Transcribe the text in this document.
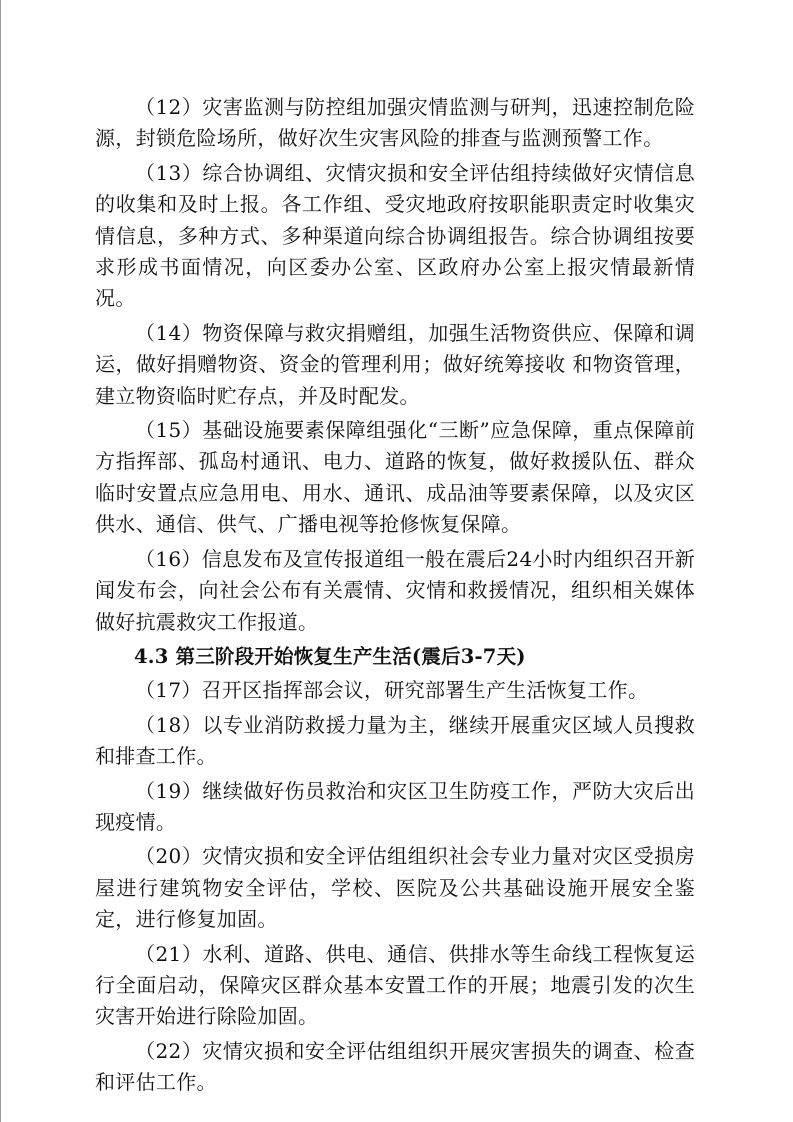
（12）灾害监测与防控组加强灾情监测与研判，迅速控制危险源，封锁危险场所，做好次生灾害风险的排查与监测预警工作。

（13）综合协调组、灾情灾损和安全评估组持续做好灾情信息的收集和及时上报。各工作组、受灾地政府按职能职责定时收集灾情信息，多种方式、多种渠道向综合协调组报告。综合协调组按要求形成书面情况，向区委办公室、区政府办公室上报灾情最新情况。

（14）物资保障与救灾捐赠组，加强生活物资供应、保障和调运，做好捐赠物资、资金的管理利用；做好统筹接收 和物资管理，建立物资临时贮存点，并及时配发。

（15）基础设施要素保障组强化“三断”应急保障，重点保障前方指挥部、孤岛村通讯、电力、道路的恢复，做好救援队伍、群众临时安置点应急用电、用水、通讯、成品油等要素保障，以及灾区供水、通信、供气、广播电视等抢修恢复保障。

（16）信息发布及宣传报道组一般在震后24小时内组织召开新闻发布会，向社会公布有关震情、灾情和救援情况，组织相关媒体做好抗震救灾工作报道。

4.3 第三阶段开始恢复生产生活(震后3-7天)

（17）召开区指挥部会议，研究部署生产生活恢复工作。

（18）以专业消防救援力量为主，继续开展重灾区域人员搜救和排查工作。

（19）继续做好伤员救治和灾区卫生防疫工作，严防大灾后出现疫情。

（20）灾情灾损和安全评估组组织社会专业力量对灾区受损房屋进行建筑物安全评估，学校、医院及公共基础设施开展安全鉴定，进行修复加固。

（21）水利、道路、供电、通信、供排水等生命线工程恢复运行全面启动，保障灾区群众基本安置工作的开展；地震引发的次生灾害开始进行除险加固。

（22）灾情灾损和安全评估组组织开展灾害损失的调查、检查和评估工作。
